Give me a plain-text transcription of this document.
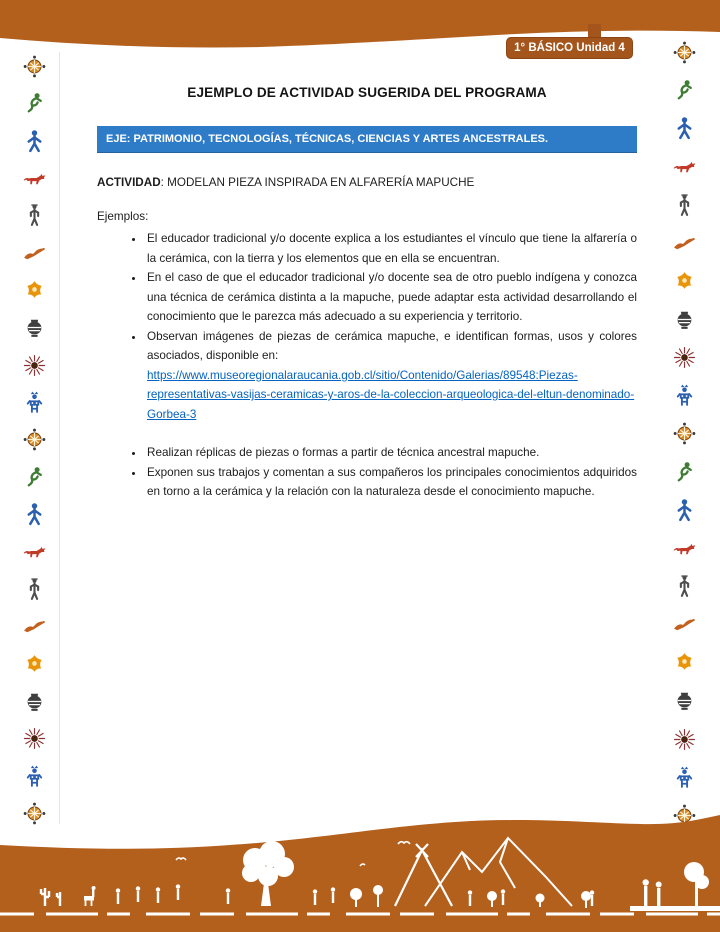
1° BÁSICO Unidad 4
EJEMPLO DE ACTIVIDAD SUGERIDA DEL PROGRAMA
EJE: PATRIMONIO, TECNOLOGÍAS, TÉCNICAS, CIENCIAS Y ARTES ANCESTRALES.

ACTIVIDAD: MODELAN PIEZA INSPIRADA EN ALFARERÍA MAPUCHE

Ejemplos:

• El educador tradicional y/o docente explica a los estudiantes el vínculo que tiene la alfarería o la cerámica, con la tierra y los elementos que en ella se encuentran.
• En el caso de que el educador tradicional y/o docente sea de otro pueblo indígena y conozca una técnica de cerámica distinta a la mapuche, puede adaptar esta actividad desarrollando el conocimiento que le parezca más adecuado a su experiencia y territorio.
• Observan imágenes de piezas de cerámica mapuche, e identifican formas, usos y colores asociados, disponible en:
https://www.museoregionalaraucania.gob.cl/sitio/Contenido/Galerias/89548:Piezas-representativas-vasijas-ceramicas-y-aros-de-la-coleccion-arqueologica-del-eltun-denominado-Gorbea-3
• Realizan réplicas de piezas o formas a partir de técnica ancestral mapuche.
• Exponen sus trabajos y comentan a sus compañeros los principales conocimientos adquiridos en torno a la cerámica y la relación con la naturaleza desde el conocimiento mapuche.
